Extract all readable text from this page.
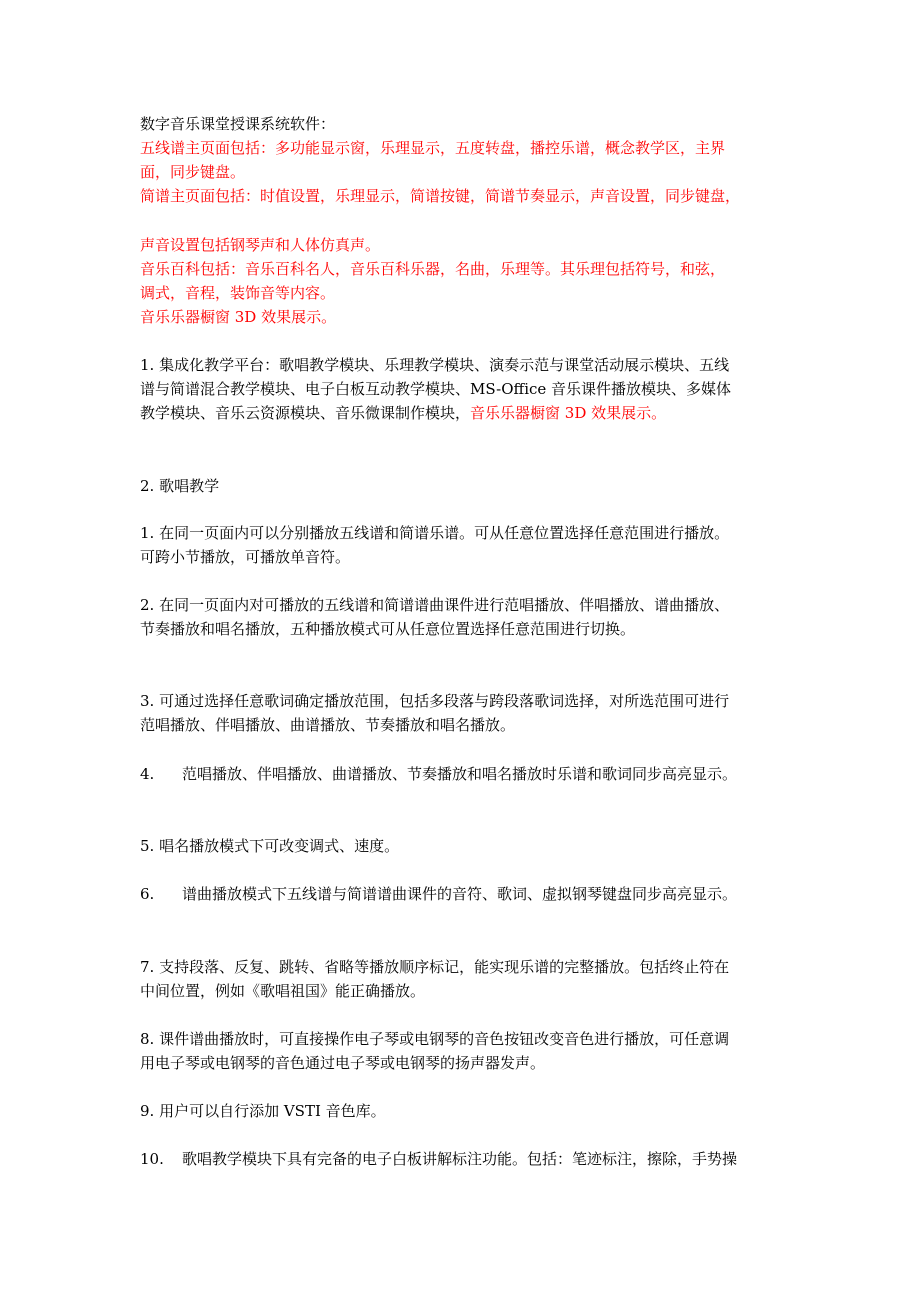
数字音乐课堂授课系统软件：
五线谱主页面包括：多功能显示窗，乐理显示，五度转盘，播控乐谱，概念教学区，主界
面，同步键盘。
简谱主页面包括：时值设置，乐理显示，简谱按键，简谱节奏显示，声音设置，同步键盘，
声音设置包括钢琴声和人体仿真声。
音乐百科包括：音乐百科名人，音乐百科乐器，名曲，乐理等。其乐理包括符号，和弦，
调式，音程，装饰音等内容。
音乐乐器橱窗 3D 效果展示。
1. 集成化教学平台：歌唱教学模块、乐理教学模块、演奏示范与课堂活动展示模块、五线
谱与简谱混合教学模块、电子白板互动教学模块、MS-Office 音乐课件播放模块、多媒体
教学模块、音乐云资源模块、音乐微课制作模块，音乐乐器橱窗 3D 效果展示。
2. 歌唱教学
1. 在同一页面内可以分别播放五线谱和简谱乐谱。可从任意位置选择任意范围进行播放。
可跨小节播放，可播放单音符。
2. 在同一页面内对可播放的五线谱和简谱谱曲课件进行范唱播放、伴唱播放、谱曲播放、
节奏播放和唱名播放，五种播放模式可从任意位置选择任意范围进行切换。
3. 可通过选择任意歌词确定播放范围，包括多段落与跨段落歌词选择，对所选范围可进行
范唱播放、伴唱播放、曲谱播放、节奏播放和唱名播放。
4. 范唱播放、伴唱播放、曲谱播放、节奏播放和唱名播放时乐谱和歌词同步高亮显示。
5. 唱名播放模式下可改变调式、速度。
6. 谱曲播放模式下五线谱与简谱谱曲课件的音符、歌词、虚拟钢琴键盘同步高亮显示。
7. 支持段落、反复、跳转、省略等播放顺序标记，能实现乐谱的完整播放。包括终止符在
中间位置，例如《歌唱祖国》能正确播放。
8. 课件谱曲播放时，可直接操作电子琴或电钢琴的音色按钮改变音色进行播放，可任意调
用电子琴或电钢琴的音色通过电子琴或电钢琴的扬声器发声。
9. 用户可以自行添加 VSTI 音色库。
10. 歌唱教学模块下具有完备的电子白板讲解标注功能。包括：笔迹标注，擦除，手势操
